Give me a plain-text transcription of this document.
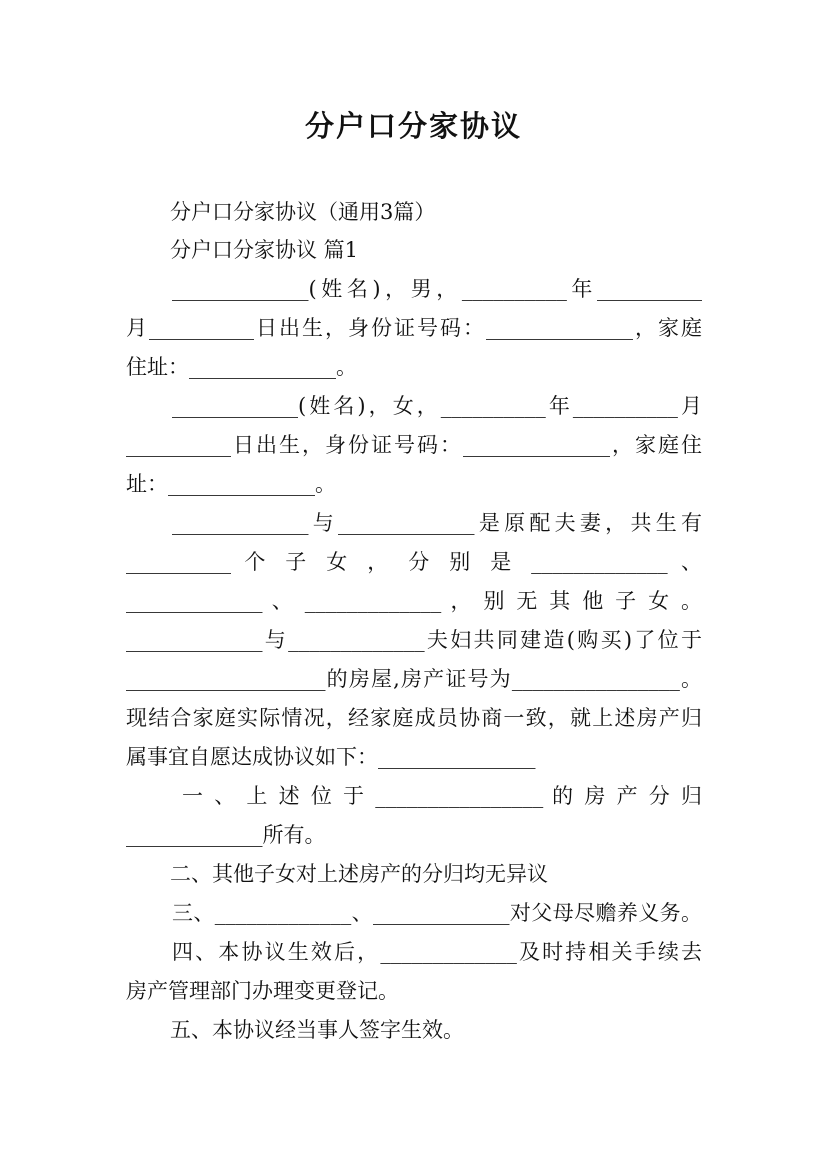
分户口分家协议
分户口分家协议（通用3篇）
分户口分家协议 篇1
_____________(姓名)，男，__________年__________
月__________日出生，身份证号码：______________，家庭
住址：______________。
____________(姓名)，女，__________年__________月
__________日出生，身份证号码：______________，家庭住
址：______________。
_____________与_____________是原配夫妻，共生有
__________ 个 子 女 ， 分 别 是 _____________ 、
_____________ 、 _____________ ， 别 无 其 他 子 女 。
_____________与_____________夫妇共同建造(购买)了位于
___________________的房屋,房产证号为________________。
现结合家庭实际情况，经家庭成员协商一致，就上述房产归
属事宜自愿达成协议如下：_______________
一 、 上 述 位 于 ________________ 的 房 产 分 归
_____________所有。
二、其他子女对上述房产的分归均无异议
三、_____________、_____________对父母尽赡养义务。
四、本协议生效后，_____________及时持相关手续去
房产管理部门办理变更登记。
五、本协议经当事人签字生效。
